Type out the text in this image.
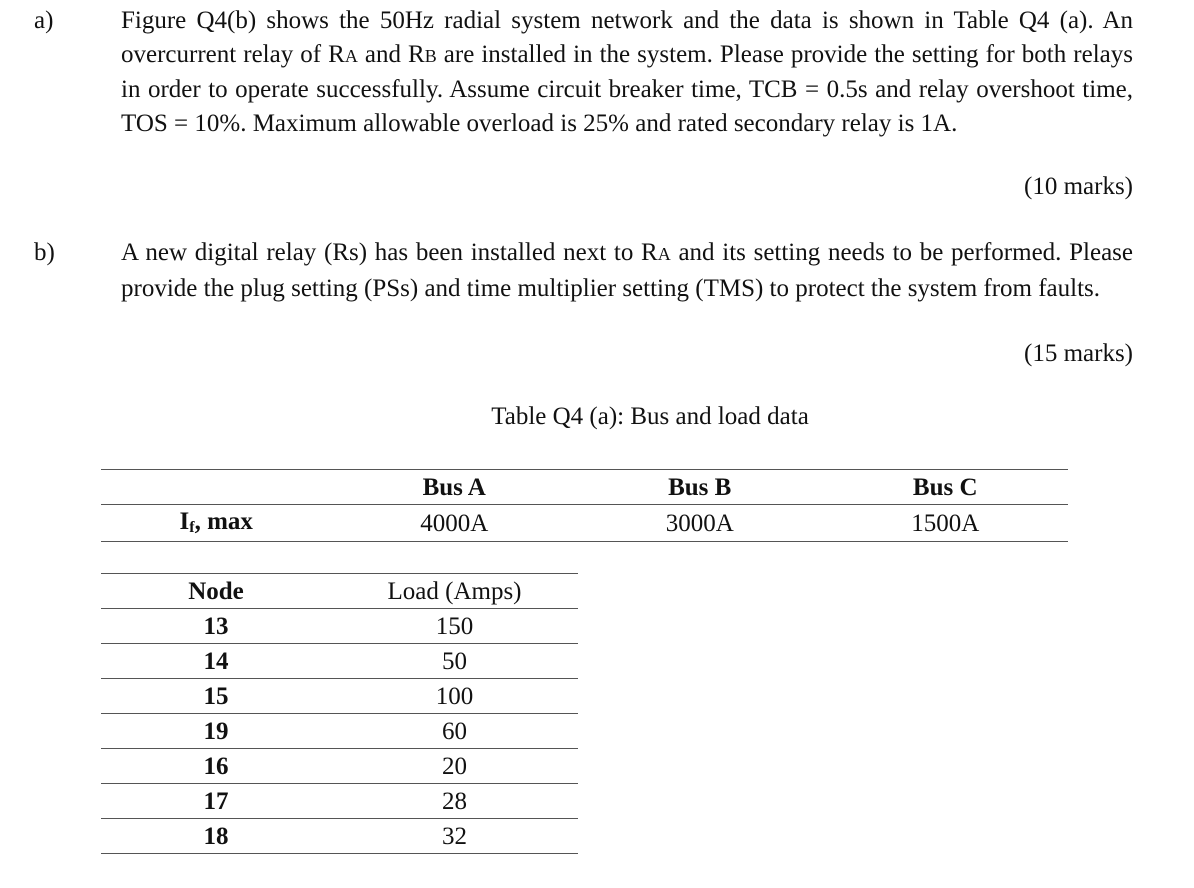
a)	Figure Q4(b) shows the 50Hz radial system network and the data is shown in Table Q4 (a). An overcurrent relay of RA and RB are installed in the system. Please provide the setting for both relays in order to operate successfully. Assume circuit breaker time, TCB = 0.5s and relay overshoot time, TOS = 10%. Maximum allowable overload is 25% and rated secondary relay is 1A.
(10 marks)
b)	A new digital relay (Rs) has been installed next to RA and its setting needs to be performed. Please provide the plug setting (PSs) and time multiplier setting (TMS) to protect the system from faults.
(15 marks)
Table Q4 (a): Bus and load data
	Bus A	Bus B	Bus C
$I_f$, max	4000A	3000A	1500A
Node	Load (Amps)
13	150
14	50
15	100
19	60
16	20
17	28
18	32
